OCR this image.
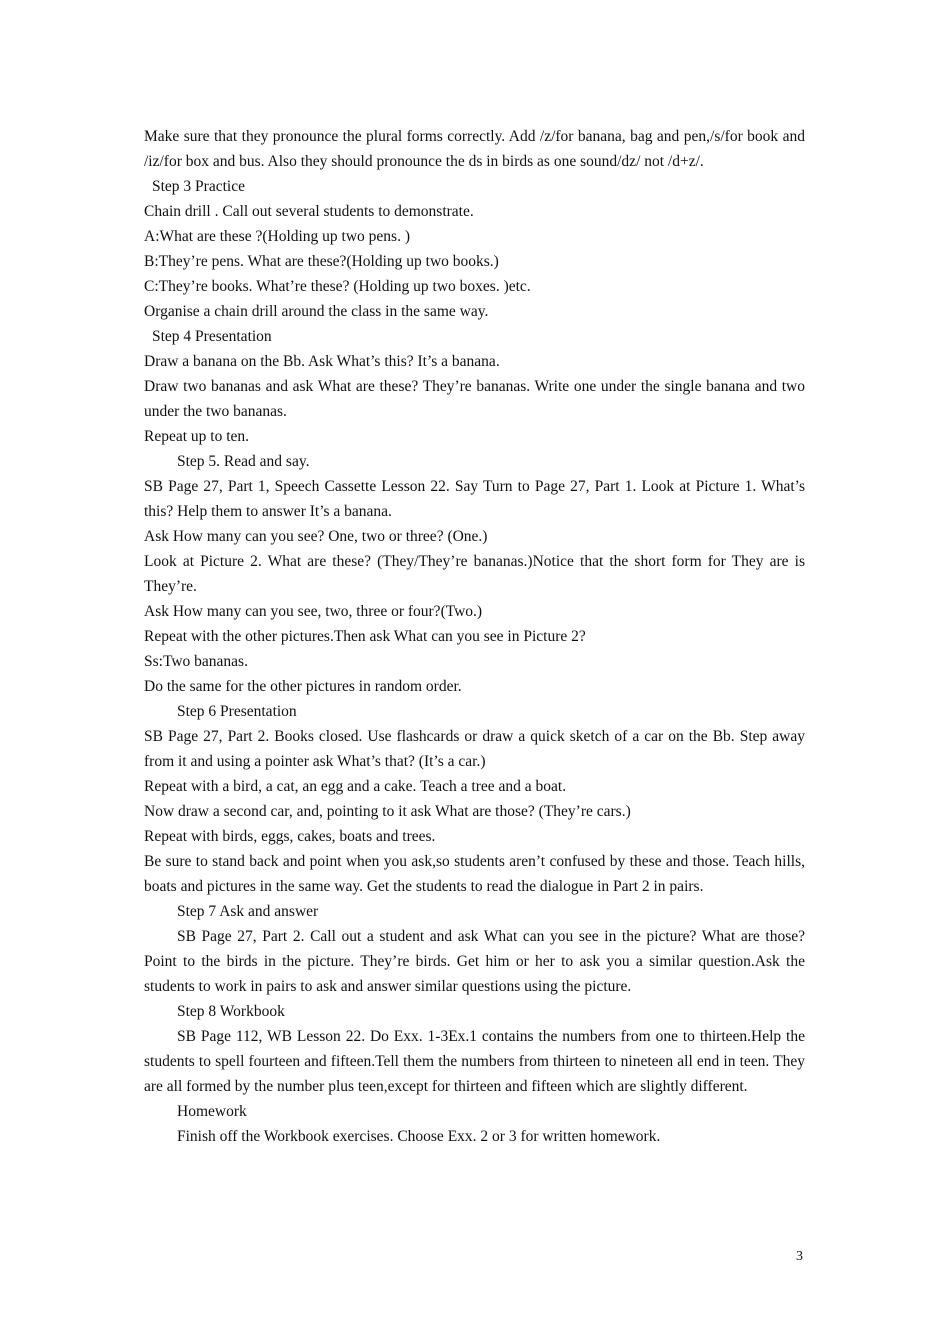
Make sure that they pronounce the plural forms correctly. Add /z/for banana, bag and pen,/s/for book and /iz/for box and bus. Also they should pronounce the ds in birds as one sound/dz/ not /d+z/.

Step 3 Practice

Chain drill . Call out several students to demonstrate.

A:What are these ?(Holding up two pens. )

B:They’re pens. What are these?(Holding up two books.)

C:They’re books. What’re these? (Holding up two boxes. )etc.

Organise a chain drill around the class in the same way.

Step 4 Presentation

Draw a banana on the Bb. Ask What’s this? It’s a banana.

Draw two bananas and ask What are these? They’re bananas. Write one under the single banana and two under the two bananas.

Repeat up to ten.

Step 5. Read and say.

SB Page 27, Part 1, Speech Cassette Lesson 22. Say Turn to Page 27, Part 1. Look at Picture 1. What’s this? Help them to answer It’s a banana.

Ask How many can you see? One, two or three? (One.)

Look at Picture 2. What are these? (They/They’re bananas.)Notice that the short form for They are is They’re.

Ask How many can you see, two, three or four?(Two.)

Repeat with the other pictures.Then ask What can you see in Picture 2?

Ss:Two bananas.

Do the same for the other pictures in random order.

Step 6 Presentation

SB Page 27, Part 2. Books closed. Use flashcards or draw a quick sketch of a car on the Bb. Step away from it and using a pointer ask What’s that? (It’s a car.)

Repeat with a bird, a cat, an egg and a cake. Teach a tree and a boat.

Now draw a second car, and, pointing to it ask What are those? (They’re cars.)

Repeat with birds, eggs, cakes, boats and trees.

Be sure to stand back and point when you ask,so students aren’t confused by these and those. Teach hills, boats and pictures in the same way. Get the students to read the dialogue in Part 2 in pairs.

Step 7 Ask and answer

SB Page 27, Part 2. Call out a student and ask What can you see in the picture? What are those? Point to the birds in the picture. They’re birds. Get him or her to ask you a similar question.Ask the students to work in pairs to ask and answer similar questions using the picture.

Step 8 Workbook

SB Page 112, WB Lesson 22. Do Exx. 1-3Ex.1 contains the numbers from one to thirteen.Help the students to spell fourteen and fifteen.Tell them the numbers from thirteen to nineteen all end in teen. They are all formed by the number plus teen,except for thirteen and fifteen which are slightly different.

Homework

Finish off the Workbook exercises. Choose Exx. 2 or 3 for written homework.

3
